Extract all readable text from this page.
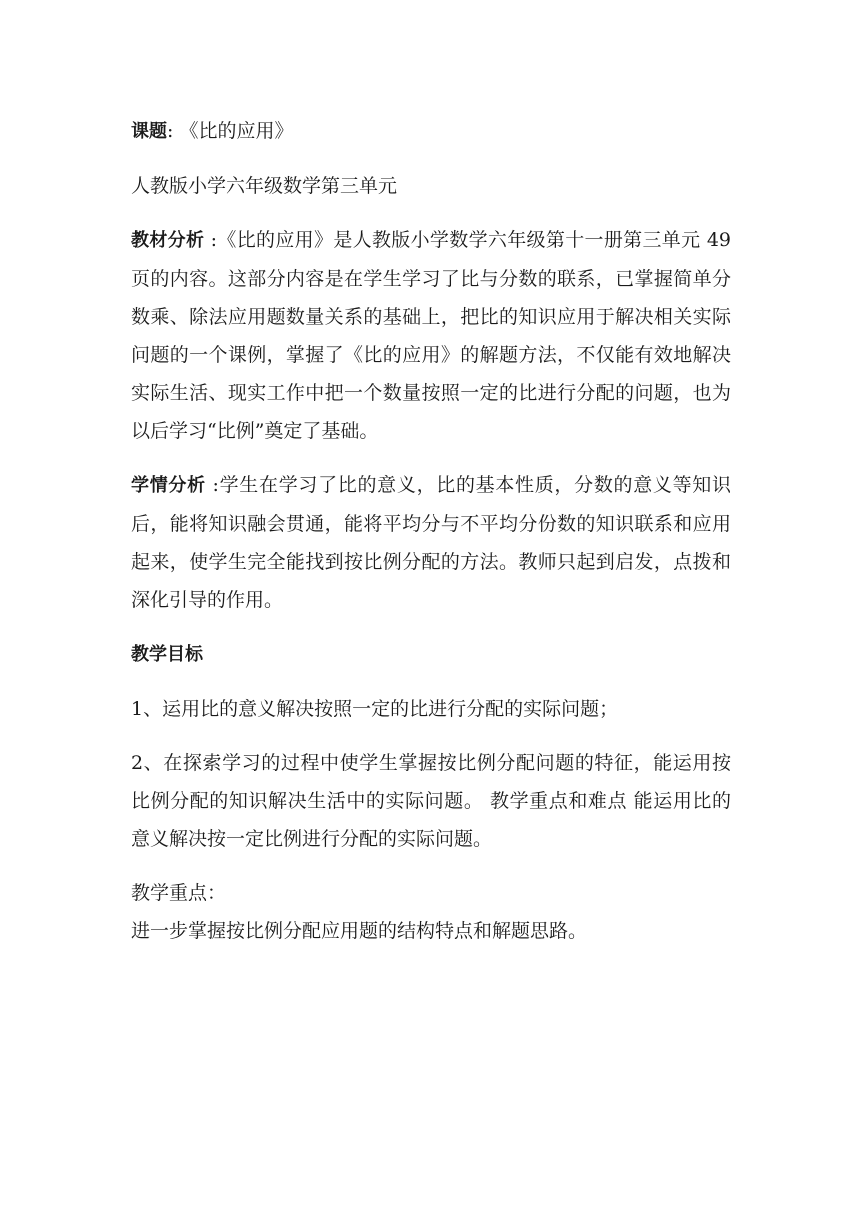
课题: 《比的应用》

人教版小学六年级数学第三单元

教材分析 :《比的应用》是人教版小学数学六年级第十一册第三单元 49 页的内容。这部分内容是在学生学习了比与分数的联系，已掌握简单分数乘、除法应用题数量关系的基础上，把比的知识应用于解决相关实际问题的一个课例，掌握了《比的应用》的解题方法，不仅能有效地解决实际生活、现实工作中把一个数量按照一定的比进行分配的问题，也为以后学习“比例”奠定了基础。

学情分析 :学生在学习了比的意义，比的基本性质，分数的意义等知识后，能将知识融会贯通，能将平均分与不平均分份数的知识联系和应用起来，使学生完全能找到按比例分配的方法。教师只起到启发，点拨和深化引导的作用。

教学目标

1、运用比的意义解决按照一定的比进行分配的实际问题；

2、在探索学习的过程中使学生掌握按比例分配问题的特征，能运用按比例分配的知识解决生活中的实际问题。 教学重点和难点 能运用比的意义解决按一定比例进行分配的实际问题。

教学重点：

进一步掌握按比例分配应用题的结构特点和解题思路。
